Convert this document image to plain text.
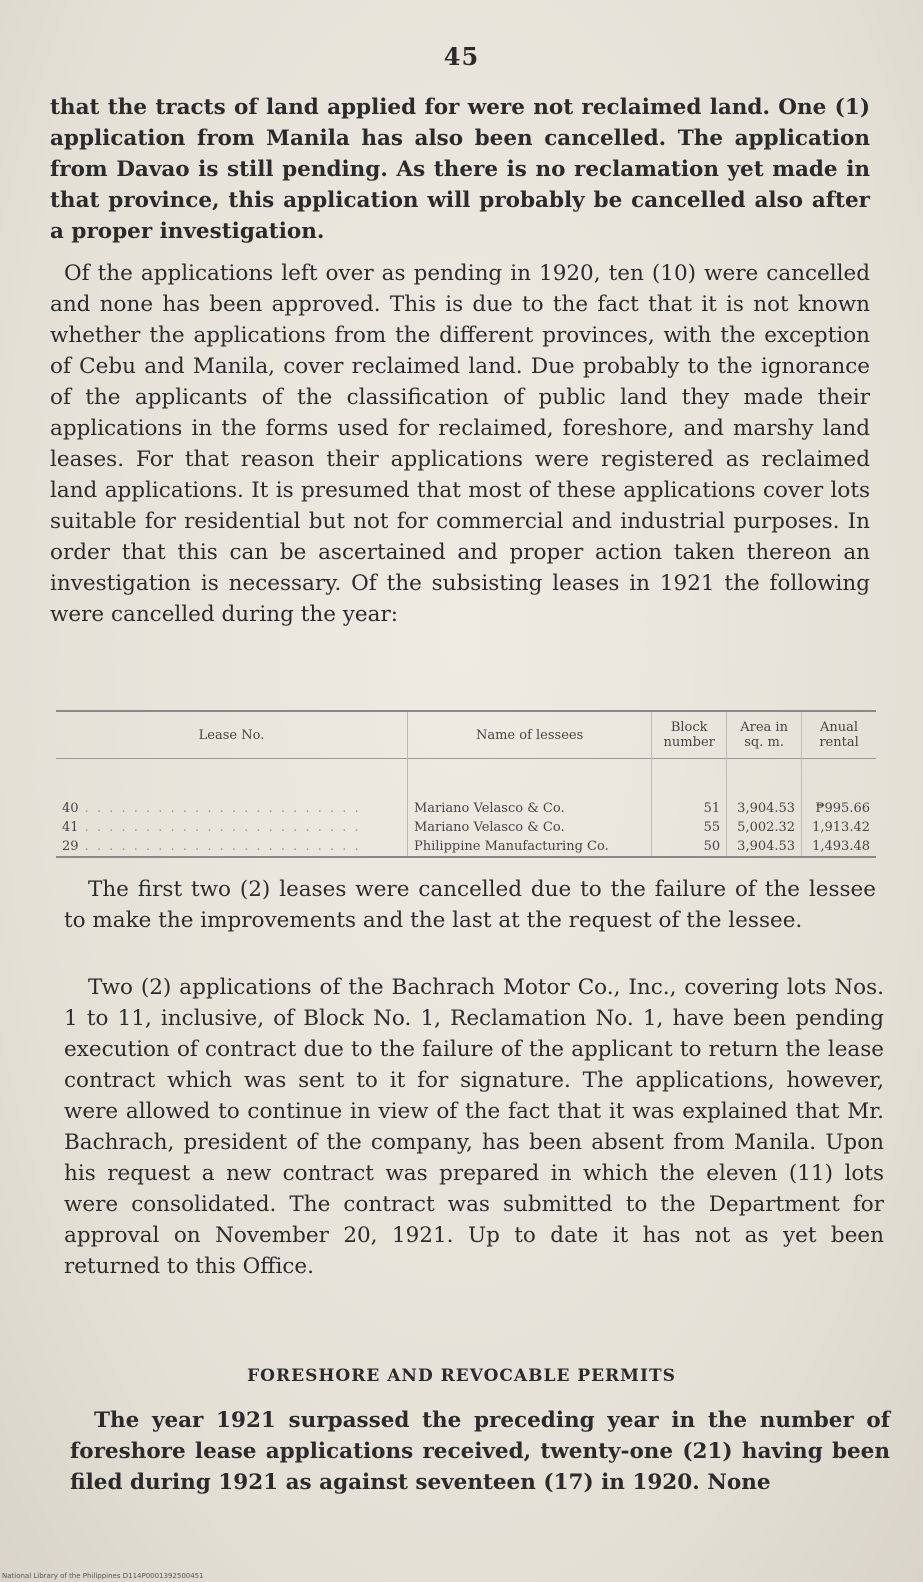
45

that the tracts of land applied for were not reclaimed land. One (1) application from Manila has also been cancelled. The application from Davao is still pending. As there is no reclamation yet made in that province, this application will probably be cancelled also after a proper investigation.

Of the applications left over as pending in 1920, ten (10) were cancelled and none has been approved. This is due to the fact that it is not known whether the applications from the different provinces, with the exception of Cebu and Manila, cover reclaimed land. Due probably to the ignorance of the applicants of the classification of public land they made their applications in the forms used for reclaimed, foreshore, and marshy land leases. For that reason their applications were registered as reclaimed land applications. It is presumed that most of these applications cover lots suitable for residential but not for commercial and industrial purposes. In order that this can be ascertained and proper action taken thereon an investigation is necessary. Of the subsisting leases in 1921 the following were cancelled during the year:

Lease No.	Name of lessees	Block number	Area in sq. m.	Anual rental
40 . . . . . . . . . . . . . . . . . . . . . . .	Mariano Velasco & Co.	51	3,904.53	₱995.66
41 . . . . . . . . . . . . . . . . . . . . . . .	Mariano Velasco & Co.	55	5,002.32	1,913.42
29 . . . . . . . . . . . . . . . . . . . . . . .	Philippine Manufacturing Co.	50	3,904.53	1,493.48

The first two (2) leases were cancelled due to the failure of the lessee to make the improvements and the last at the request of the lessee.

Two (2) applications of the Bachrach Motor Co., Inc., covering lots Nos. 1 to 11, inclusive, of Block No. 1, Reclamation No. 1, have been pending execution of contract due to the failure of the applicant to return the lease contract which was sent to it for signature. The applications, however, were allowed to continue in view of the fact that it was explained that Mr. Bachrach, president of the company, has been absent from Manila. Upon his request a new contract was prepared in which the eleven (11) lots were consolidated. The contract was submitted to the Department for approval on November 20, 1921. Up to date it has not as yet been returned to this Office.

FORESHORE AND REVOCABLE PERMITS

The year 1921 surpassed the preceding year in the number of foreshore lease applications received, twenty-one (21) having been filed during 1921 as against seventeen (17) in 1920. None

National Library of the Philippines D114P0001392500451
